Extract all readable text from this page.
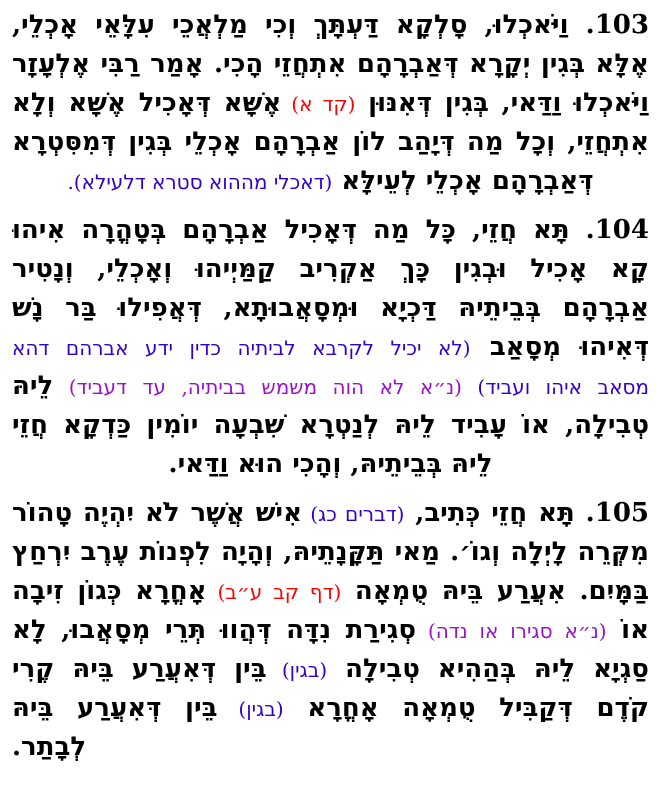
103. וַיֹּאכְלוּ, סָלְקָא דַּעְתָּךְ וְכִי מַלְאֲכֵי עִלָּאֵי אָכְלֵי,
אֶלָּא בְּגִין יְקָרָא דְּאַבְרָהָם אִתְחֲזֵי הָכִי. אָמַר רַבִּי אֶלְעָזָר
וַיֹּאכְלוּ וַדַּאי, בְּגִין דְּאִנּוּן (קד א) אֶשָּׁא דְּאָכִיל אֶשָּׁא וְלָא
אִתְחֲזֵי, וְכָל מַה דְּיָהַב לוֹן אַבְרָהָם אָכְלֵי בְּגִין דְּמִסִּטְרָא
דְּאַבְרָהָם אָכְלֵי לְעֵילָּא (דאכלי מההוא סטרא דלעילא).
104. תָּא חֲזֵי, כָּל מַה דְּאָכִיל אַבְרָהָם בְּטָהֳרָה אִיהוּ
קָא אָכִיל וּבְגִין כָּךְ אַקְרִיב קַמַּיְיהוּ וְאָכְלֵי, וְנָטִיר
אַבְרָהָם בְּבֵיתֵיהּ דַּכְיָא וּמְסָאֲבוּתָא, דְּאֲפִילוּ בַּר נָשׁ
דְּאִיהוּ מְסָאַב (לא יכיל לקרבא לביתיה כדין ידע אברהם דהא
מסאב איהו ועביד) (נ״א לא הוה משמש בביתיה, עד דעביד) לֵיהּ
טְבִילָה, אוֹ עָבִיד לֵיהּ לְנַטְרָא שִׁבְעָה יוֹמִין כַּדְקָא חֲזֵי
לֵיהּ בְּבֵיתֵיהּ, וְהָכִי הוּא וַדַּאי.
105. תָּא חֲזֵי כְּתִיב, (דברים כג) אִישׁ אֲשֶׁר לֹא יִהְיֶה טָהוֹר
מִקְּרֵה לָיְלָה וְגוֹ׳. מַאי תַּקָּנָתֵיהּ, וְהָיָה לִפְנוֹת עֶרֶב יִרְחַץ
בַּמָּיִם. אִעֲרַע בֵּיהּ טֻמְאָה (דף קב ע״ב) אָחֳרָא כְּגוֹן זִיבָה
אוֹ (נ״א סגירו או נדה) סְגִירַת נִדָּה דְּהֲווּ תְּרֵי מְסָאֲבוּ, לָא
סַגְיָא לֵיהּ בְּהַהִיא טְבִילָה (בגין) בֵּין דְּאִעֲרַע בֵּיהּ קֶרִי
קֹדֶם דְּקַבִּיל טֻמְאָה אָחֳרָא (בגין) בֵּין דְּאִעֲרַע בֵּיהּ
לְבָתַר.
